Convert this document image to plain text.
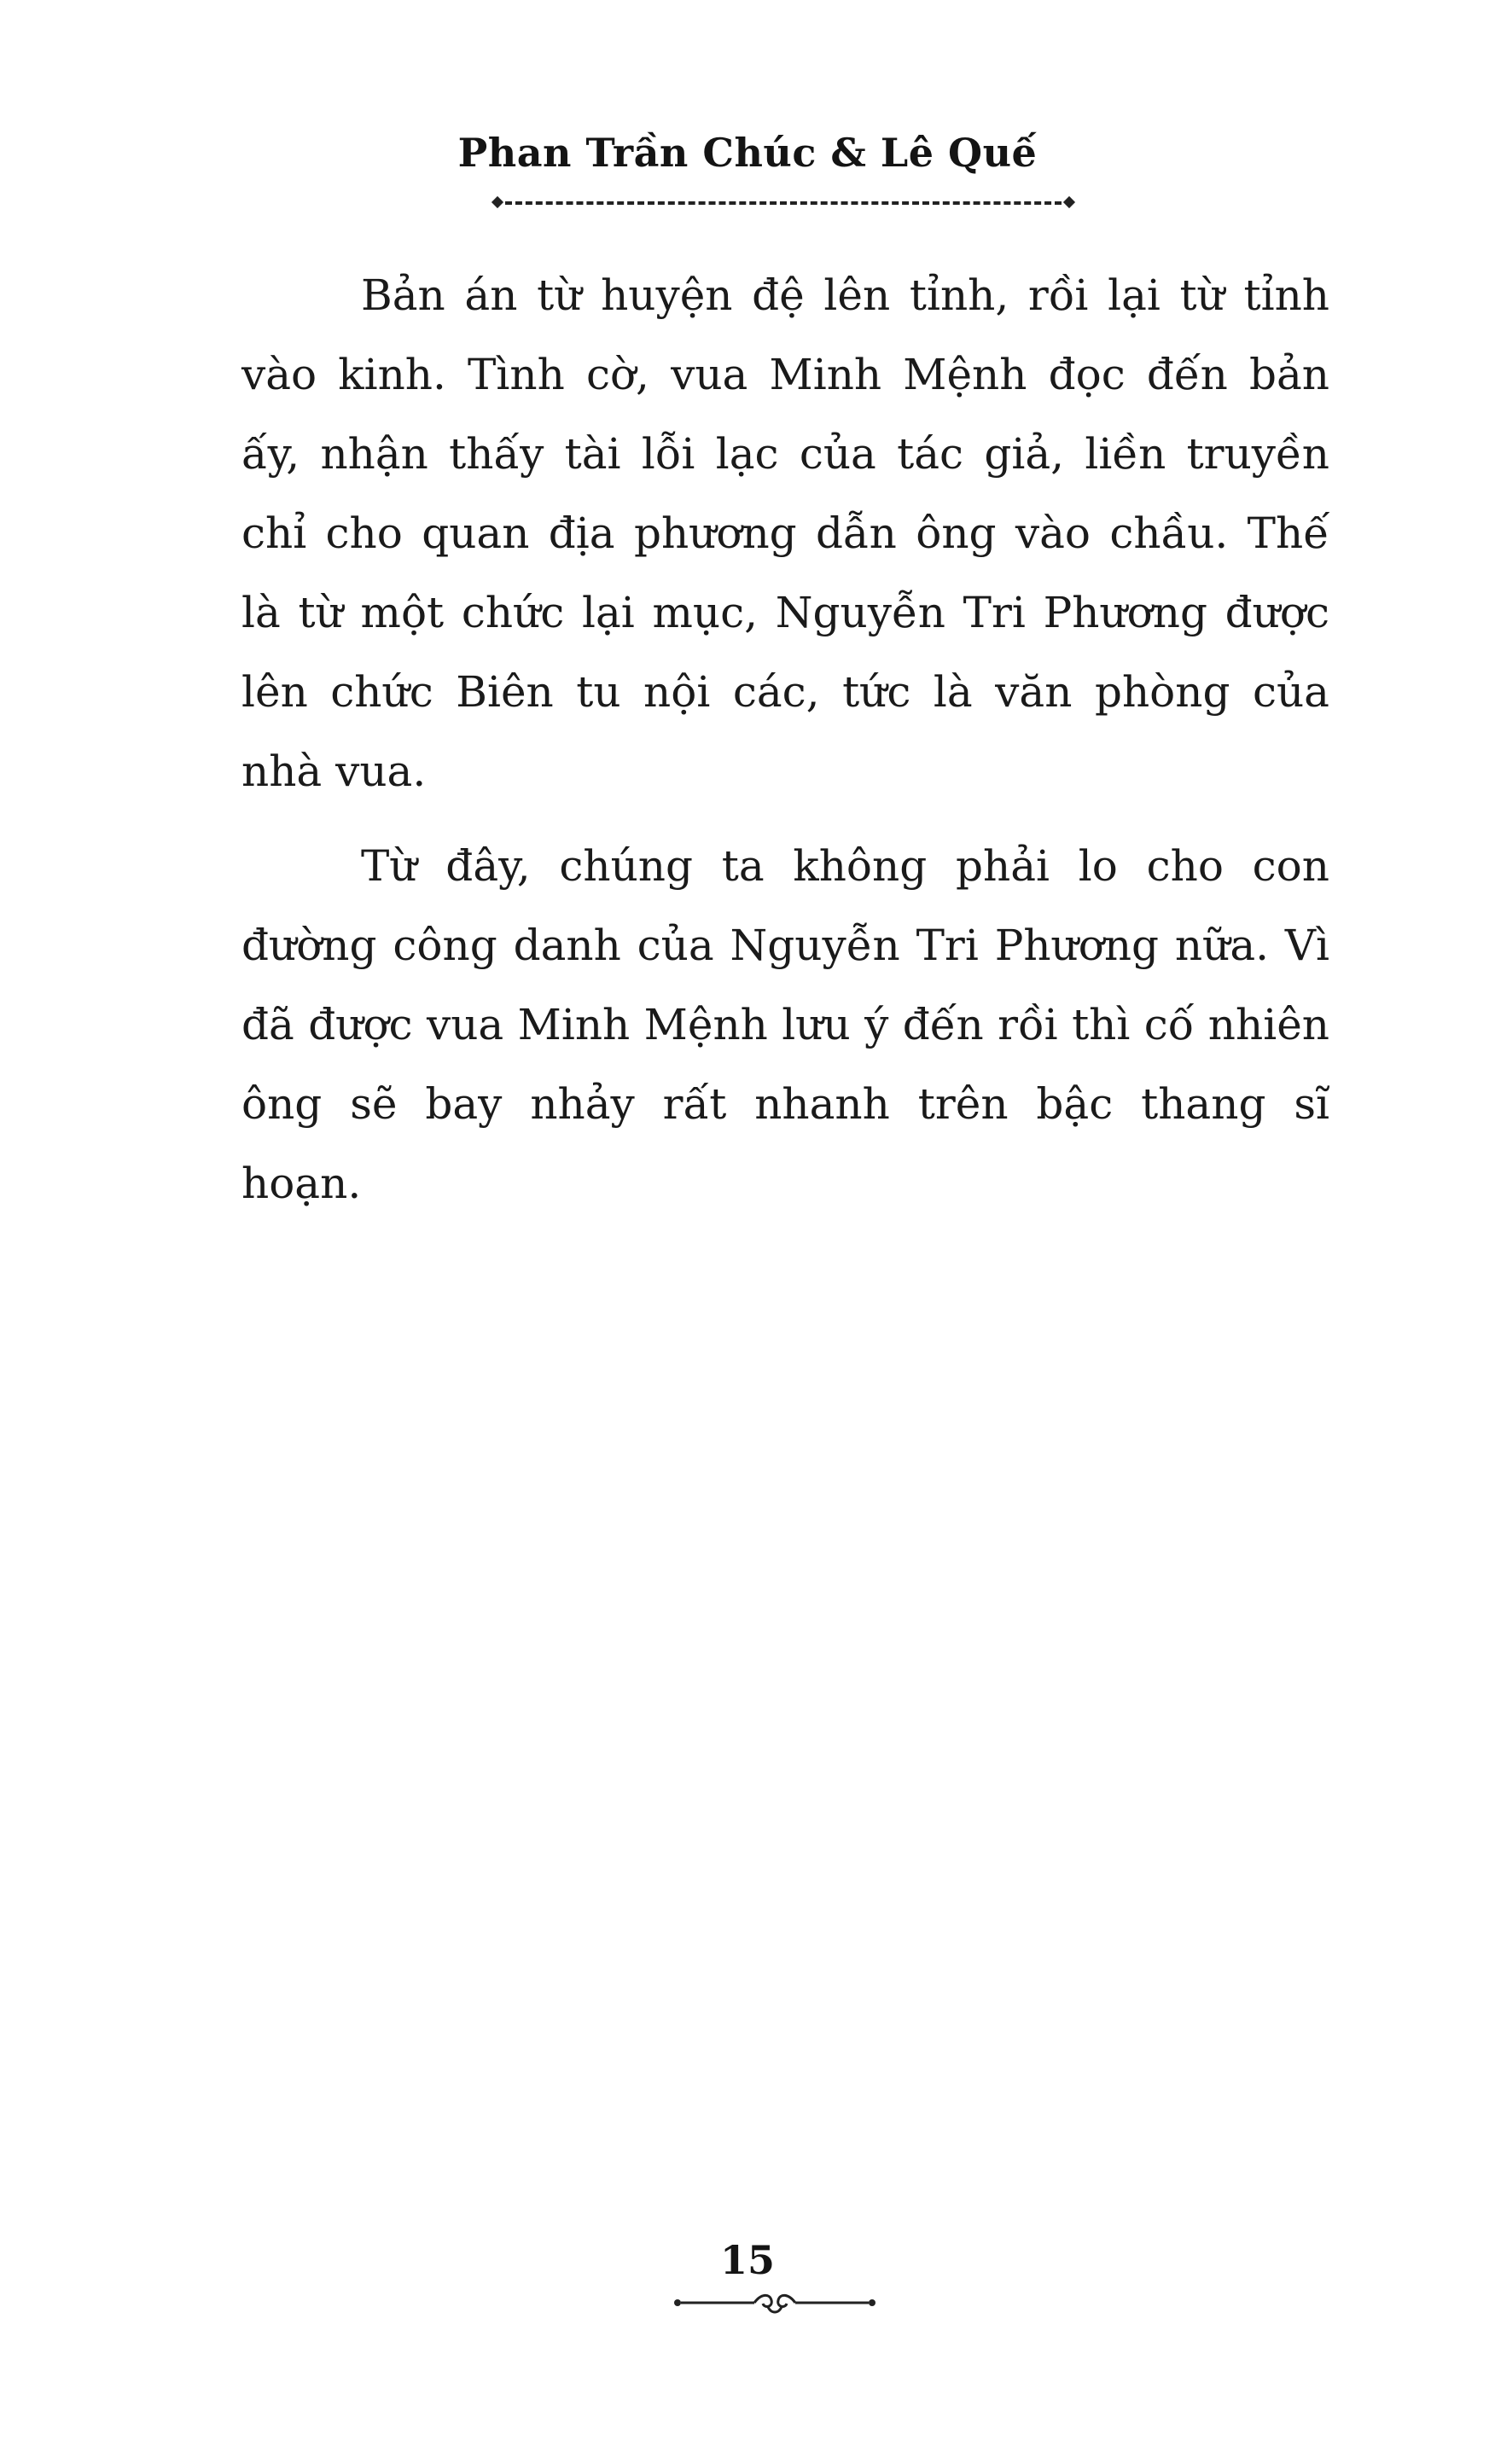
Phan Trần Chúc & Lê Quế

Bản án từ huyện đệ lên tỉnh, rồi lại từ tỉnh vào kinh. Tình cờ, vua Minh Mệnh đọc đến bản ấy, nhận thấy tài lỗi lạc của tác giả, liền truyền chỉ cho quan địa phương dẫn ông vào chầu. Thế là từ một chức lại mục, Nguyễn Tri Phương được lên chức Biên tu nội các, tức là văn phòng của nhà vua.

Từ đây, chúng ta không phải lo cho con đường công danh của Nguyễn Tri Phương nữa. Vì đã được vua Minh Mệnh lưu ý đến rồi thì cố nhiên ông sẽ bay nhảy rất nhanh trên bậc thang sĩ hoạn.

15
